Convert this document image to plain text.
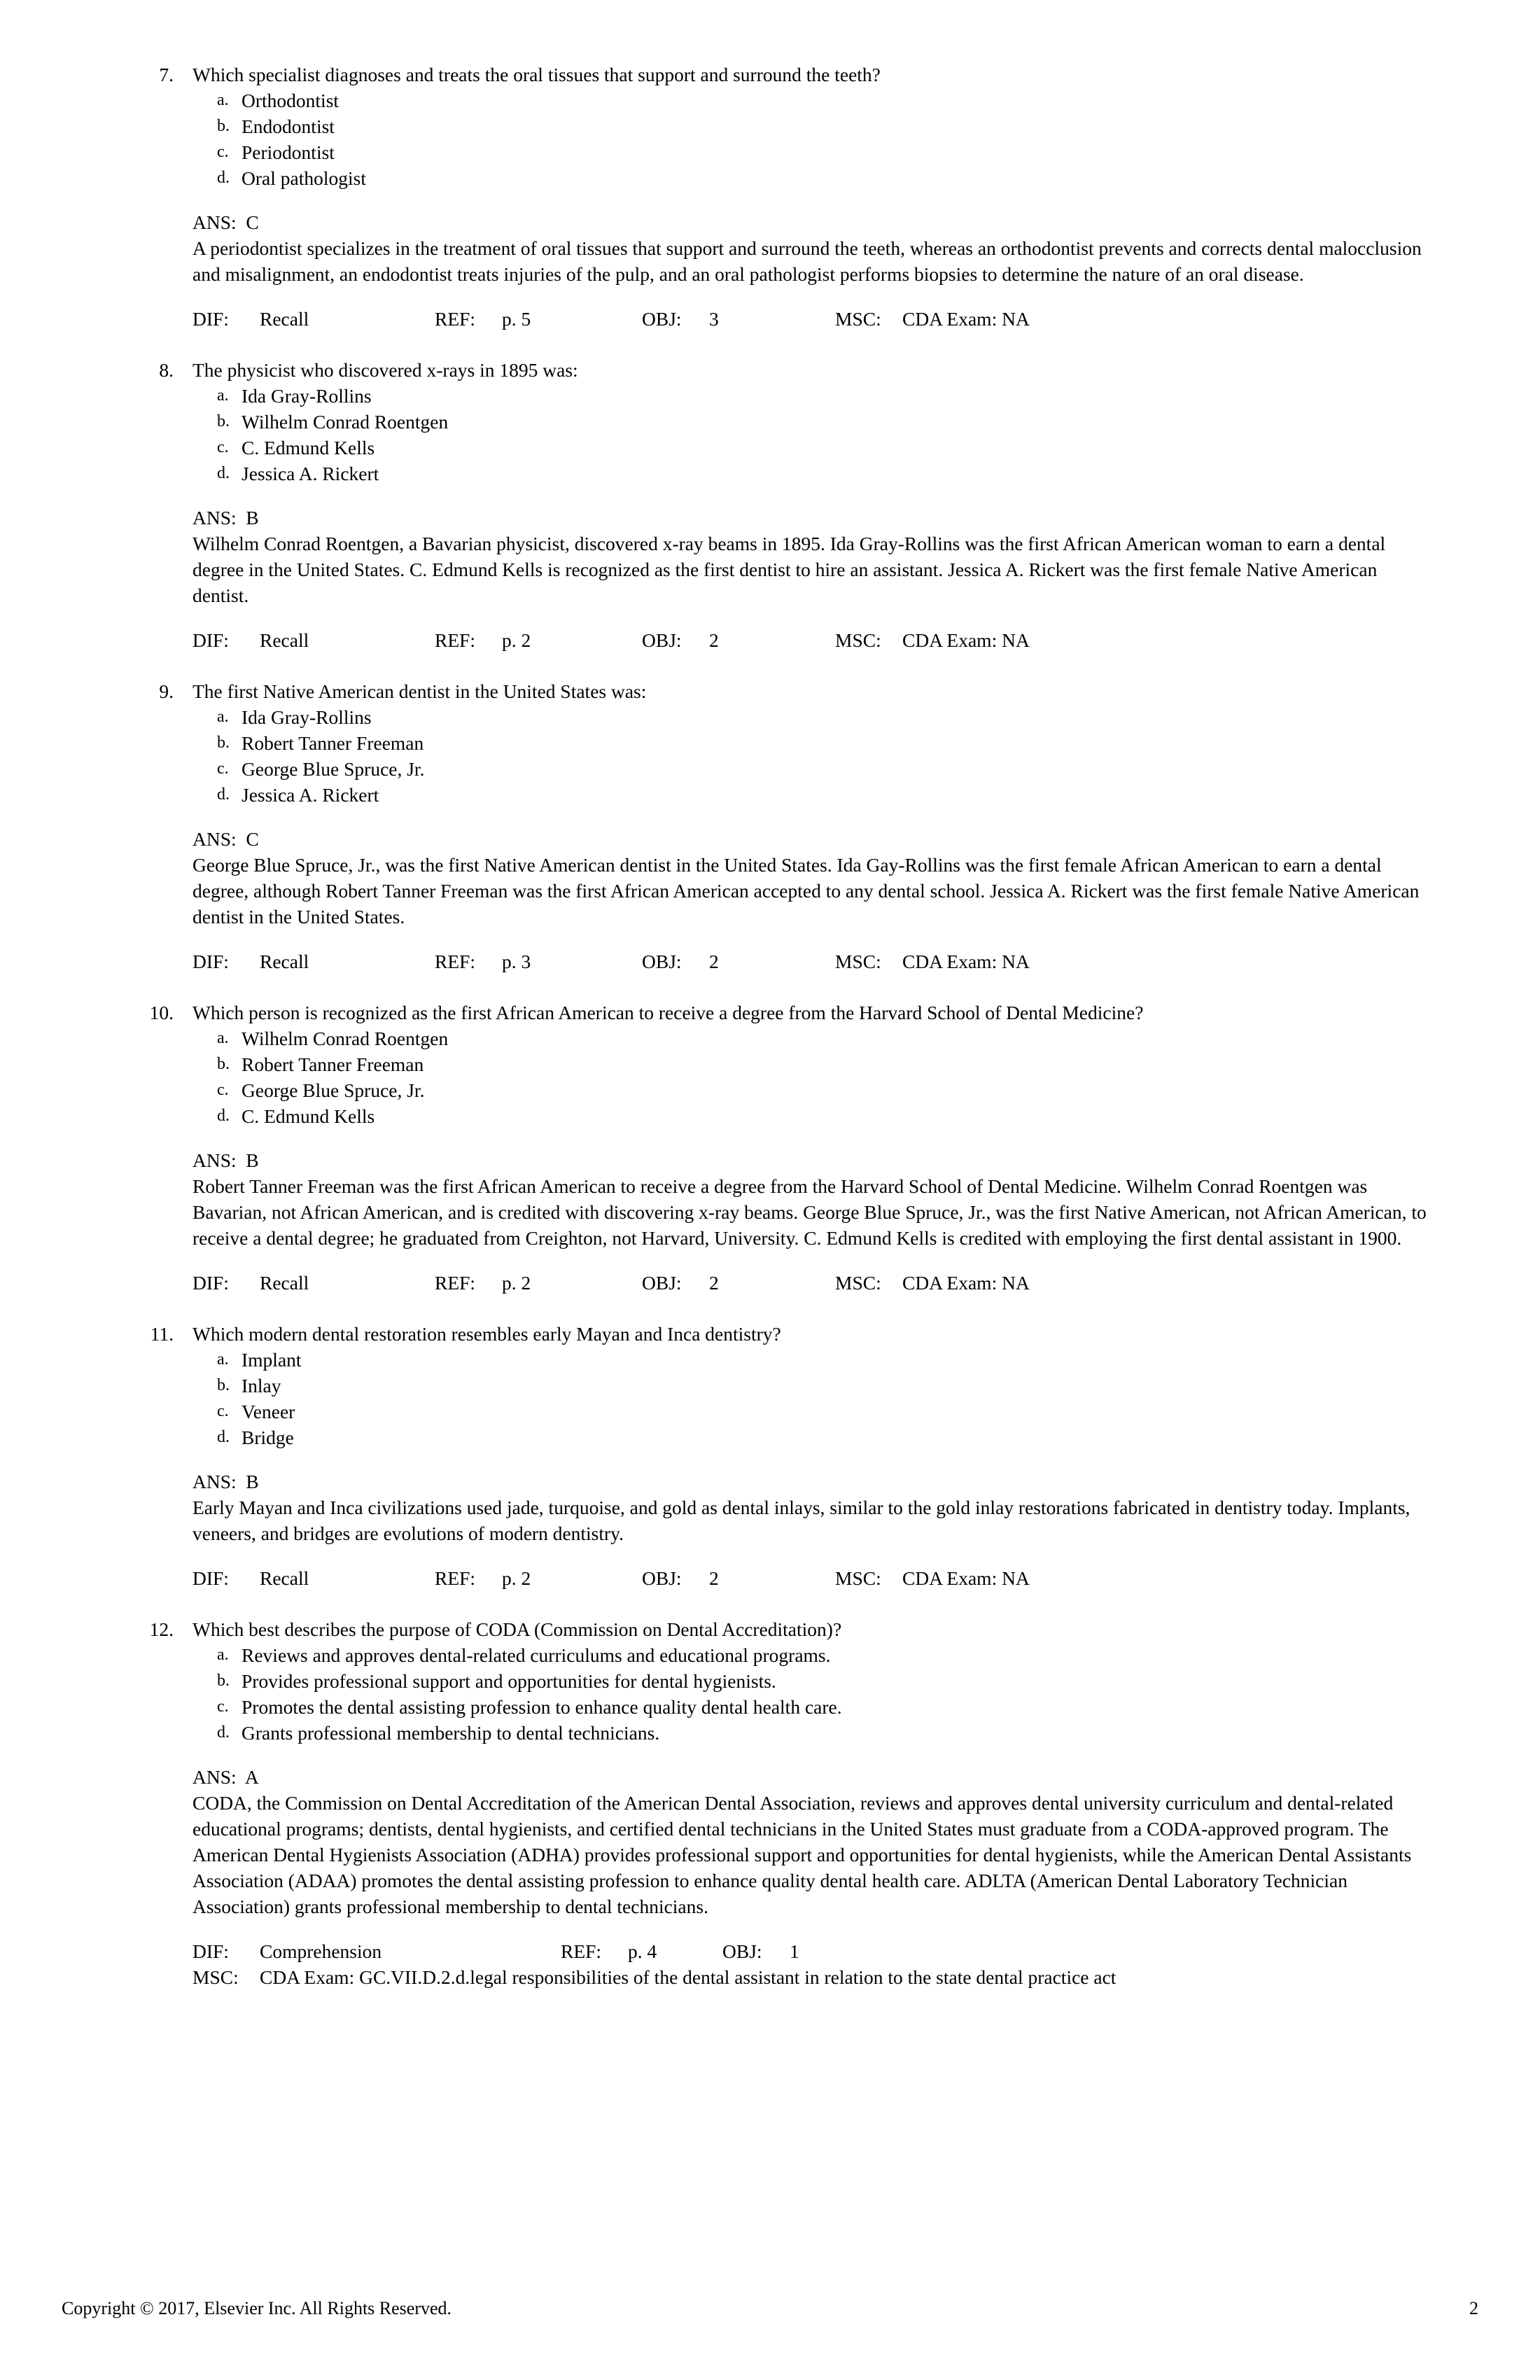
7. Which specialist diagnoses and treats the oral tissues that support and surround the teeth?
a. Orthodontist
b. Endodontist
c. Periodontist
d. Oral pathologist
ANS:  C
A periodontist specializes in the treatment of oral tissues that support and surround the teeth, whereas an orthodontist prevents and corrects dental malocclusion and misalignment, an endodontist treats injuries of the pulp, and an oral pathologist performs biopsies to determine the nature of an oral disease.
DIF:	Recall	REF:	p. 5	OBJ:	3	MSC:	CDA Exam: NA
8. The physicist who discovered x-rays in 1895 was:
a. Ida Gray-Rollins
b. Wilhelm Conrad Roentgen
c. C. Edmund Kells
d. Jessica A. Rickert
ANS:  B
Wilhelm Conrad Roentgen, a Bavarian physicist, discovered x-ray beams in 1895. Ida Gray-Rollins was the first African American woman to earn a dental degree in the United States. C. Edmund Kells is recognized as the first dentist to hire an assistant. Jessica A. Rickert was the first female Native American dentist.
DIF:	Recall	REF:	p. 2	OBJ:	2	MSC:	CDA Exam: NA
9. The first Native American dentist in the United States was:
a. Ida Gray-Rollins
b. Robert Tanner Freeman
c. George Blue Spruce, Jr.
d. Jessica A. Rickert
ANS:  C
George Blue Spruce, Jr., was the first Native American dentist in the United States. Ida Gay-Rollins was the first female African American to earn a dental degree, although Robert Tanner Freeman was the first African American accepted to any dental school. Jessica A. Rickert was the first female Native American dentist in the United States.
DIF:	Recall	REF:	p. 3	OBJ:	2	MSC:	CDA Exam: NA
10. Which person is recognized as the first African American to receive a degree from the Harvard School of Dental Medicine?
a. Wilhelm Conrad Roentgen
b. Robert Tanner Freeman
c. George Blue Spruce, Jr.
d. C. Edmund Kells
ANS:  B
Robert Tanner Freeman was the first African American to receive a degree from the Harvard School of Dental Medicine. Wilhelm Conrad Roentgen was Bavarian, not African American, and is credited with discovering x-ray beams. George Blue Spruce, Jr., was the first Native American, not African American, to receive a dental degree; he graduated from Creighton, not Harvard, University. C. Edmund Kells is credited with employing the first dental assistant in 1900.
DIF:	Recall	REF:	p. 2	OBJ:	2	MSC:	CDA Exam: NA
11. Which modern dental restoration resembles early Mayan and Inca dentistry?
a. Implant
b. Inlay
c. Veneer
d. Bridge
ANS:  B
Early Mayan and Inca civilizations used jade, turquoise, and gold as dental inlays, similar to the gold inlay restorations fabricated in dentistry today. Implants, veneers, and bridges are evolutions of modern dentistry.
DIF:	Recall	REF:	p. 2	OBJ:	2	MSC:	CDA Exam: NA
12. Which best describes the purpose of CODA (Commission on Dental Accreditation)?
a. Reviews and approves dental-related curriculums and educational programs.
b. Provides professional support and opportunities for dental hygienists.
c. Promotes the dental assisting profession to enhance quality dental health care.
d. Grants professional membership to dental technicians.
ANS:  A
CODA, the Commission on Dental Accreditation of the American Dental Association, reviews and approves dental university curriculum and dental-related educational programs; dentists, dental hygienists, and certified dental technicians in the United States must graduate from a CODA-approved program. The American Dental Hygienists Association (ADHA) provides professional support and opportunities for dental hygienists, while the American Dental Assistants Association (ADAA) promotes the dental assisting profession to enhance quality dental health care. ADLTA (American Dental Laboratory Technician Association) grants professional membership to dental technicians.
DIF:	Comprehension	REF:	p. 4	OBJ:	1
MSC:	CDA Exam: GC.VII.D.2.d.legal responsibilities of the dental assistant in relation to the state dental practice act
Copyright © 2017, Elsevier Inc. All Rights Reserved.	2
